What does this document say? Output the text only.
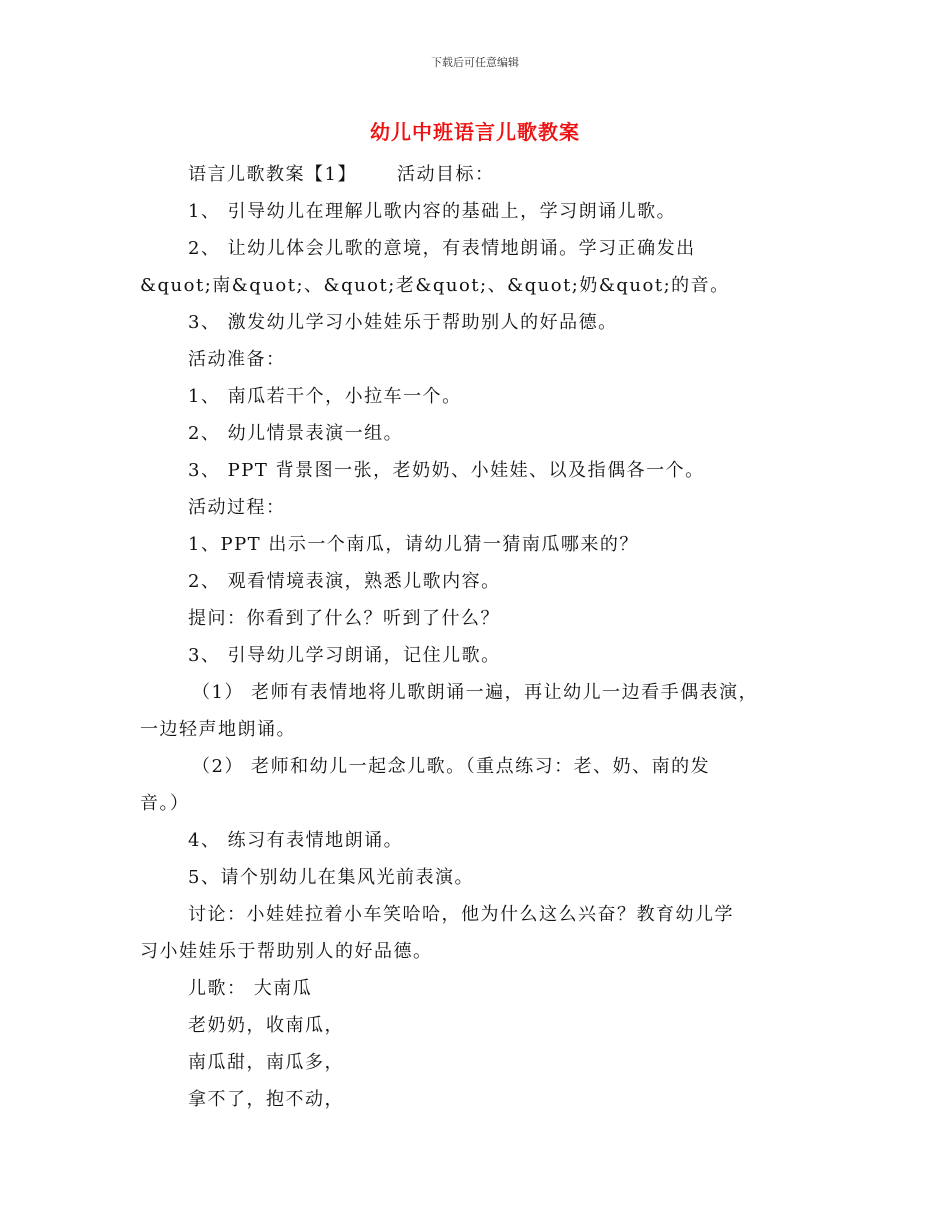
下载后可任意编辑
幼儿中班语言儿歌教案

语言儿歌教案【1】 活动目标：

1、 引导幼儿在理解儿歌内容的基础上，学习朗诵儿歌。

2、 让幼儿体会儿歌的意境，有表情地朗诵。学习正确发出

&quot;南&quot;、&quot;老&quot;、&quot;奶&quot;的音。

3、 激发幼儿学习小娃娃乐于帮助别人的好品德。

活动准备：

1、 南瓜若干个，小拉车一个。

2、 幼儿情景表演一组。

3、 PPT 背景图一张，老奶奶、小娃娃、以及指偶各一个。

活动过程：

1、PPT 出示一个南瓜，请幼儿猜一猜南瓜哪来的？

2、 观看情境表演，熟悉儿歌内容。

提问：你看到了什么？听到了什么？

3、 引导幼儿学习朗诵，记住儿歌。

（1） 老师有表情地将儿歌朗诵一遍，再让幼儿一边看手偶表演，

一边轻声地朗诵。

（2） 老师和幼儿一起念儿歌。（重点练习：老、奶、南的发

音。）

4、 练习有表情地朗诵。

5、请个别幼儿在集风光前表演。

讨论：小娃娃拉着小车笑哈哈，他为什么这么兴奋？教育幼儿学

习小娃娃乐于帮助别人的好品德。

儿歌： 大南瓜

老奶奶，收南瓜，

南瓜甜，南瓜多，

拿不了，抱不动，
